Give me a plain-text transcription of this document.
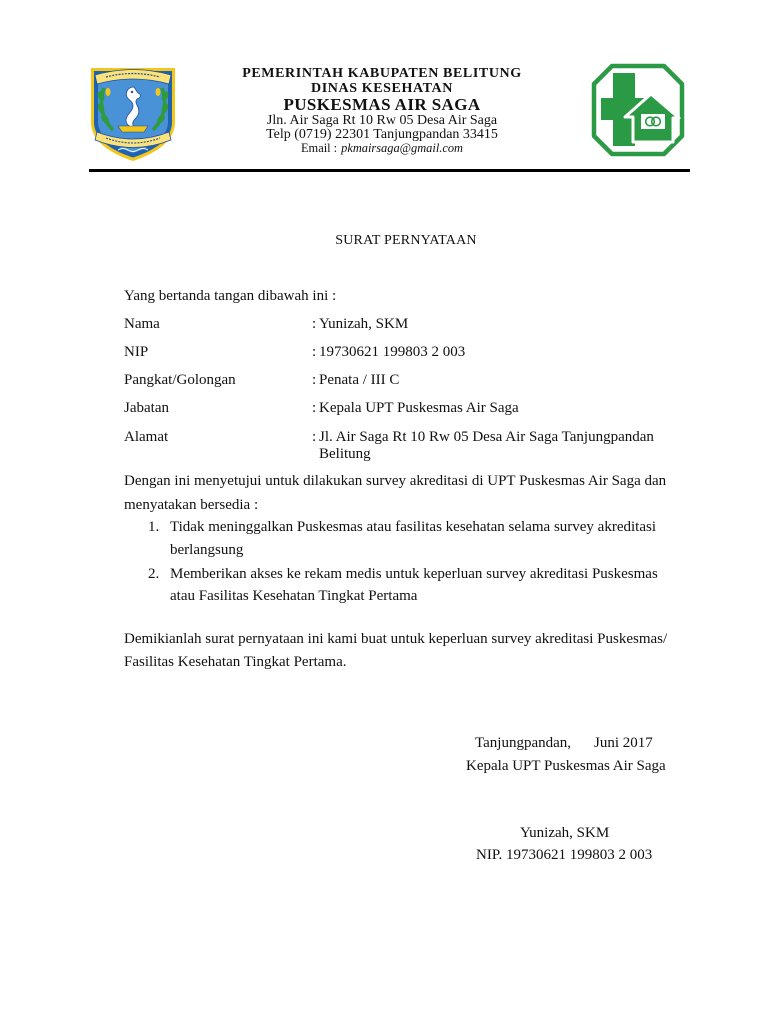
PEMERINTAH KABUPATEN BELITUNG
DINAS KESEHATAN
PUSKESMAS AIR SAGA
Jln. Air Saga Rt 10 Rw 05 Desa Air Saga
Telp (0719) 22301 Tanjungpandan 33415
Email : pkmairsaga@gmail.com
SURAT PERNYATAAN
Yang bertanda tangan dibawah ini :
Nama	: Yunizah, SKM
NIP	: 19730621 199803 2 003
Pangkat/Golongan	: Penata / III C
Jabatan	: Kepala UPT Puskesmas Air Saga
Alamat	: Jl. Air Saga Rt 10 Rw 05 Desa Air Saga Tanjungpandan
Belitung
Dengan ini menyetujui untuk dilakukan survey akreditasi di UPT Puskesmas Air Saga dan
menyatakan bersedia :
1. Tidak meninggalkan Puskesmas atau fasilitas kesehatan selama survey akreditasi
berlangsung
2. Memberikan akses ke rekam medis untuk keperluan survey akreditasi Puskesmas
atau Fasilitas Kesehatan Tingkat Pertama
Demikianlah surat pernyataan ini kami buat untuk keperluan survey akreditasi Puskesmas/
Fasilitas Kesehatan Tingkat Pertama.
Tanjungpandan, Juni 2017
Kepala UPT Puskesmas Air Saga
Yunizah, SKM
NIP. 19730621 199803 2 003
